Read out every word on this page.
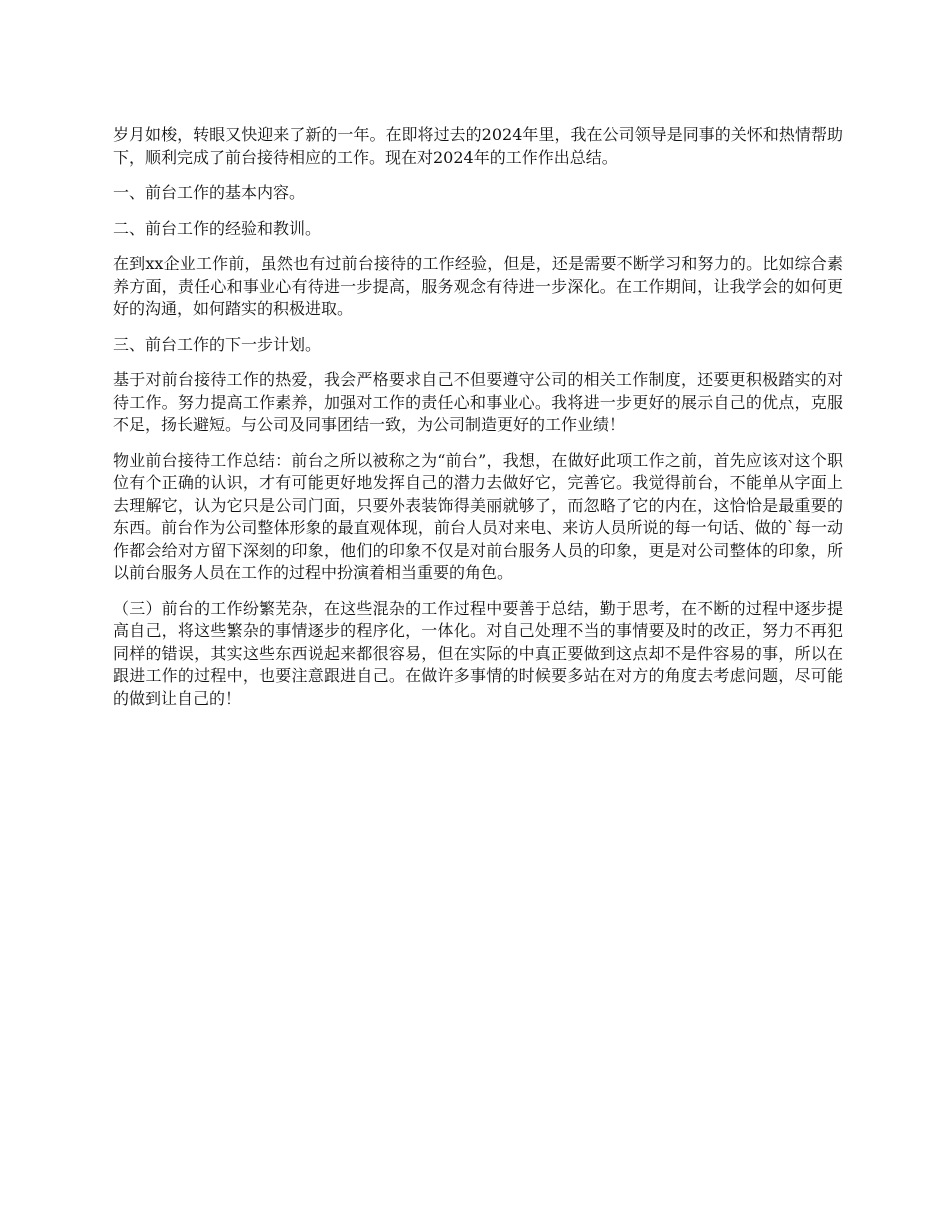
岁月如梭，转眼又快迎来了新的一年。在即将过去的2024年里，我在公司领导是同事的关怀和热情帮助下，顺利完成了前台接待相应的工作。现在对2024年的工作作出总结。

一、前台工作的基本内容。

二、前台工作的经验和教训。

在到xx企业工作前，虽然也有过前台接待的工作经验，但是，还是需要不断学习和努力的。比如综合素养方面，责任心和事业心有待进一步提高，服务观念有待进一步深化。在工作期间，让我学会的如何更好的沟通，如何踏实的积极进取。

三、前台工作的下一步计划。

基于对前台接待工作的热爱，我会严格要求自己不但要遵守公司的相关工作制度，还要更积极踏实的对待工作。努力提高工作素养，加强对工作的责任心和事业心。我将进一步更好的展示自己的优点，克服不足，扬长避短。与公司及同事团结一致，为公司制造更好的工作业绩！

物业前台接待工作总结：前台之所以被称之为“前台”，我想，在做好此项工作之前，首先应该对这个职位有个正确的认识，才有可能更好地发挥自己的潜力去做好它，完善它。我觉得前台，不能单从字面上去理解它，认为它只是公司门面，只要外表装饰得美丽就够了，而忽略了它的内在，这恰恰是最重要的东西。前台作为公司整体形象的最直观体现，前台人员对来电、来访人员所说的每一句话、做的`每一动作都会给对方留下深刻的印象，他们的印象不仅是对前台服务人员的印象，更是对公司整体的印象，所以前台服务人员在工作的过程中扮演着相当重要的角色。

（三）前台的工作纷繁芜杂，在这些混杂的工作过程中要善于总结，勤于思考，在不断的过程中逐步提高自己，将这些繁杂的事情逐步的程序化，一体化。对自己处理不当的事情要及时的改正，努力不再犯同样的错误，其实这些东西说起来都很容易，但在实际的中真正要做到这点却不是件容易的事，所以在跟进工作的过程中，也要注意跟进自己。在做许多事情的时候要多站在对方的角度去考虑问题，尽可能的做到让自己的！
